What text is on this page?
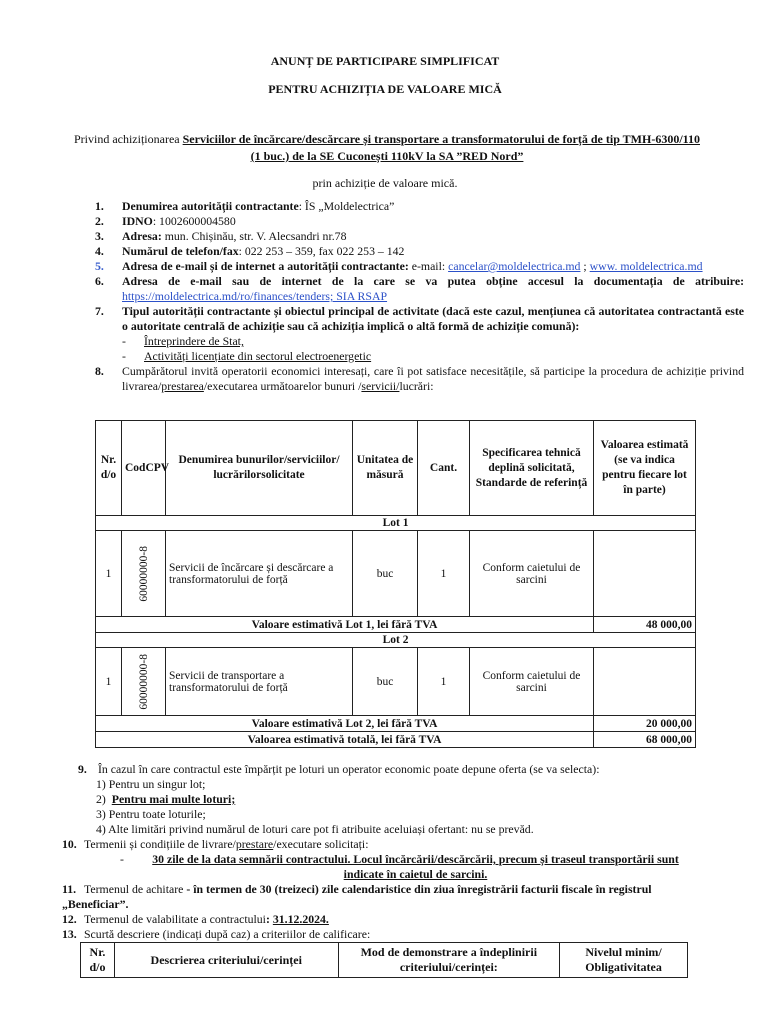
ANUNȚ DE PARTICIPARE SIMPLIFICAT
PENTRU ACHIZIȚIA DE VALOARE MICĂ
Privind achiziționarea Serviciilor de încărcare/descărcare și transportare a transformatorului de forță de tip TMH-6300/110 (1 buc.) de la SE Cuconești 110kV la SA ”RED Nord”
prin achiziție de valoare mică.
1. Denumirea autorității contractante: ÎS „Moldelectrica”
2. IDNO: 1002600004580
3. Adresa: mun. Chișinău, str. V. Alecsandri nr.78
4. Numărul de telefon/fax: 022 253 – 359, fax 022 253 – 142
5. Adresa de e-mail și de internet a autorității contractante: e-mail: cancelar@moldelectrica.md ; www. moldelectrica.md
6. Adresa de e-mail sau de internet de la care se va putea obține accesul la documentația de atribuire: https://moldelectrica.md/ro/finances/tenders; SIA RSAP
7. Tipul autorității contractante și obiectul principal de activitate (dacă este cazul, mențiunea că autoritatea contractantă este o autoritate centrală de achiziție sau că achiziția implică o altă formă de achiziție comună):
- Întreprindere de Stat,
- Activități licențiate din sectorul electroenergetic
8. Cumpărătorul invită operatorii economici interesați, care îi pot satisface necesitățile, să participe la procedura de achiziție privind livrarea/prestarea/executarea următoarelor bunuri /servicii/lucrări:
Nr. d/o	CodCPV	Denumirea bunurilor/serviciilor/ lucrărilorsolicitate	Unitatea de măsură	Cant.	Specificarea tehnică deplină solicitată, Standarde de referință	Valoarea estimată (se va indica pentru fiecare lot în parte)
Lot 1						
1	60000000-8	Servicii de încărcare și descărcare a transformatorului de forță	buc	1	Conform caietului de sarcini	
Valoare estimativă Lot 1, lei fără TVA						48 000,00
Lot 2						
1	60000000-8	Servicii de transportare a transformatorului de forță	buc	1	Conform caietului de sarcini	
Valoare estimativă Lot 2, lei fără TVA						20 000,00
Valoarea estimativă totală, lei fără TVA						68 000,00
9. În cazul în care contractul este împărțit pe loturi un operator economic poate depune oferta (se va selecta):
1) Pentru un singur lot;
2)  Pentru mai multe loturi;
3) Pentru toate loturile;
4) Alte limitări privind numărul de loturi care pot fi atribuite aceluiași ofertant: nu se prevăd.
10. Termenii și condițiile de livrare/prestare/executare solicitați:
- 30 zile de la data semnării contractului. Locul încărcării/descărcării, precum și traseul transportării sunt indicate în caietul de sarcini.
11. Termenul de achitare - în termen de 30 (treizeci) zile calendaristice din ziua înregistrării facturii fiscale în registrul „Beneficiar”.
12. Termenul de valabilitate a contractului: 31.12.2024.
13. Scurtă descriere (indicați după caz) a criteriilor de calificare:
Nr. d/o	Descrierea criteriului/cerinței	Mod de demonstrare a îndeplinirii criteriului/cerinței:	Nivelul minim/ Obligativitatea
